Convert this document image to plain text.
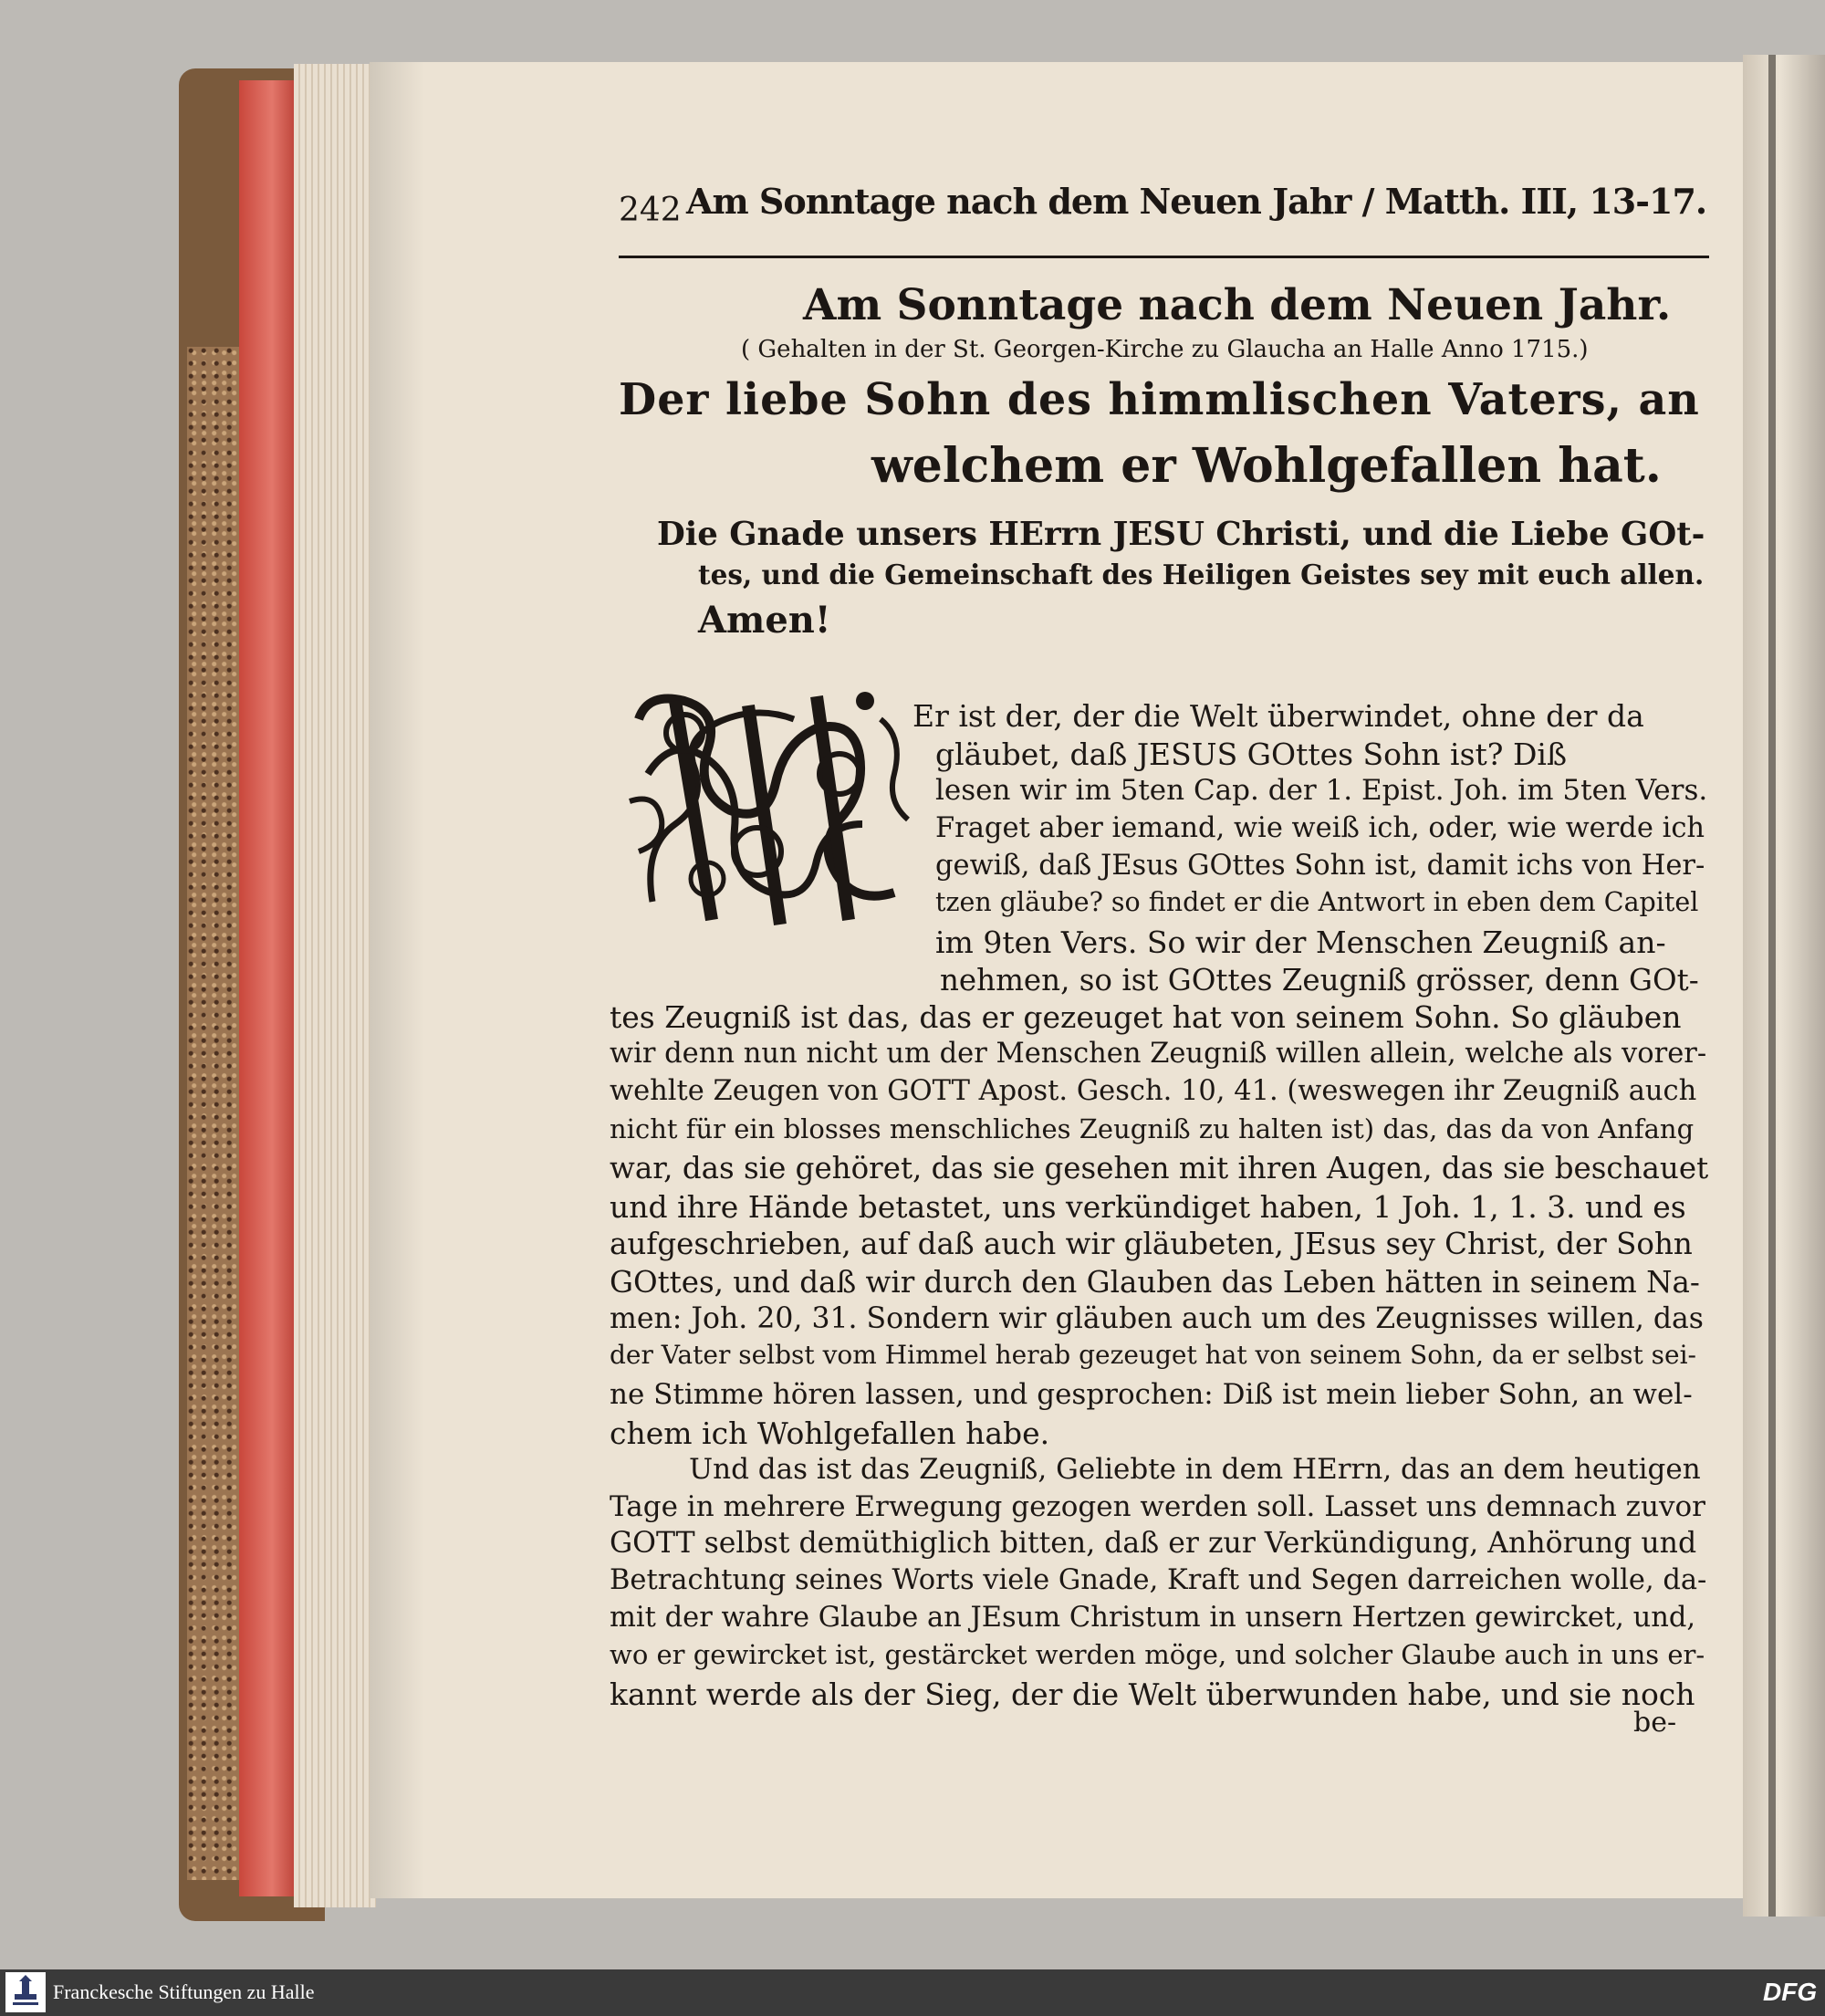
242 Am Sonntage nach dem Neuen Jahr / Matth. III, 13-17.
Am Sonntage nach dem Neuen Jahr.
( Gehalten in der St. Georgen-Kirche zu Glaucha an Halle Anno 1715.)
Der liebe Sohn des himmlischen Vaters, an
welchem er Wohlgefallen hat.
Die Gnade unsers HErrn JESU Christi, und die Liebe GOt-
tes, und die Gemeinschaft des Heiligen Geistes sey mit euch allen.
Amen!
Er ist der, der die Welt überwindet, ohne der da
gläubet, daß JESUS GOttes Sohn ist? Diß
lesen wir im 5ten Cap. der 1. Epist. Joh. im 5ten Vers.
Fraget aber iemand, wie weiß ich, oder, wie werde ich
gewiß, daß JEsus GOttes Sohn ist, damit ichs von Her-
tzen gläube? so findet er die Antwort in eben dem Capitel
im 9ten Vers. So wir der Menschen Zeugniß an-
nehmen, so ist GOttes Zeugniß grösser, denn GOt-
tes Zeugniß ist das, das er gezeuget hat von seinem Sohn. So gläuben
wir denn nun nicht um der Menschen Zeugniß willen allein, welche als vorer-
wehlte Zeugen von GOTT Apost. Gesch. 10, 41. (weswegen ihr Zeugniß auch
nicht für ein blosses menschliches Zeugniß zu halten ist) das, das da von Anfang
war, das sie gehöret, das sie gesehen mit ihren Augen, das sie beschauet
und ihre Hände betastet, uns verkündiget haben, 1 Joh. 1, 1. 3. und es
aufgeschrieben, auf daß auch wir gläubeten, JEsus sey Christ, der Sohn
GOttes, und daß wir durch den Glauben das Leben hätten in seinem Na-
men: Joh. 20, 31. Sondern wir gläuben auch um des Zeugnisses willen, das
der Vater selbst vom Himmel herab gezeuget hat von seinem Sohn, da er selbst sei-
ne Stimme hören lassen, und gesprochen: Diß ist mein lieber Sohn, an wel-
chem ich Wohlgefallen habe.
Und das ist das Zeugniß, Geliebte in dem HErrn, das an dem heutigen
Tage in mehrere Erwegung gezogen werden soll. Lasset uns demnach zuvor
GOTT selbst demüthiglich bitten, daß er zur Verkündigung, Anhörung und
Betrachtung seines Worts viele Gnade, Kraft und Segen darreichen wolle, da-
mit der wahre Glaube an JEsum Christum in unsern Hertzen gewircket, und,
wo er gewircket ist, gestärcket werden möge, und solcher Glaube auch in uns er-
kannt werde als der Sieg, der die Welt überwunden habe, und sie noch
be-
Franckesche Stiftungen zu Halle	DFG
